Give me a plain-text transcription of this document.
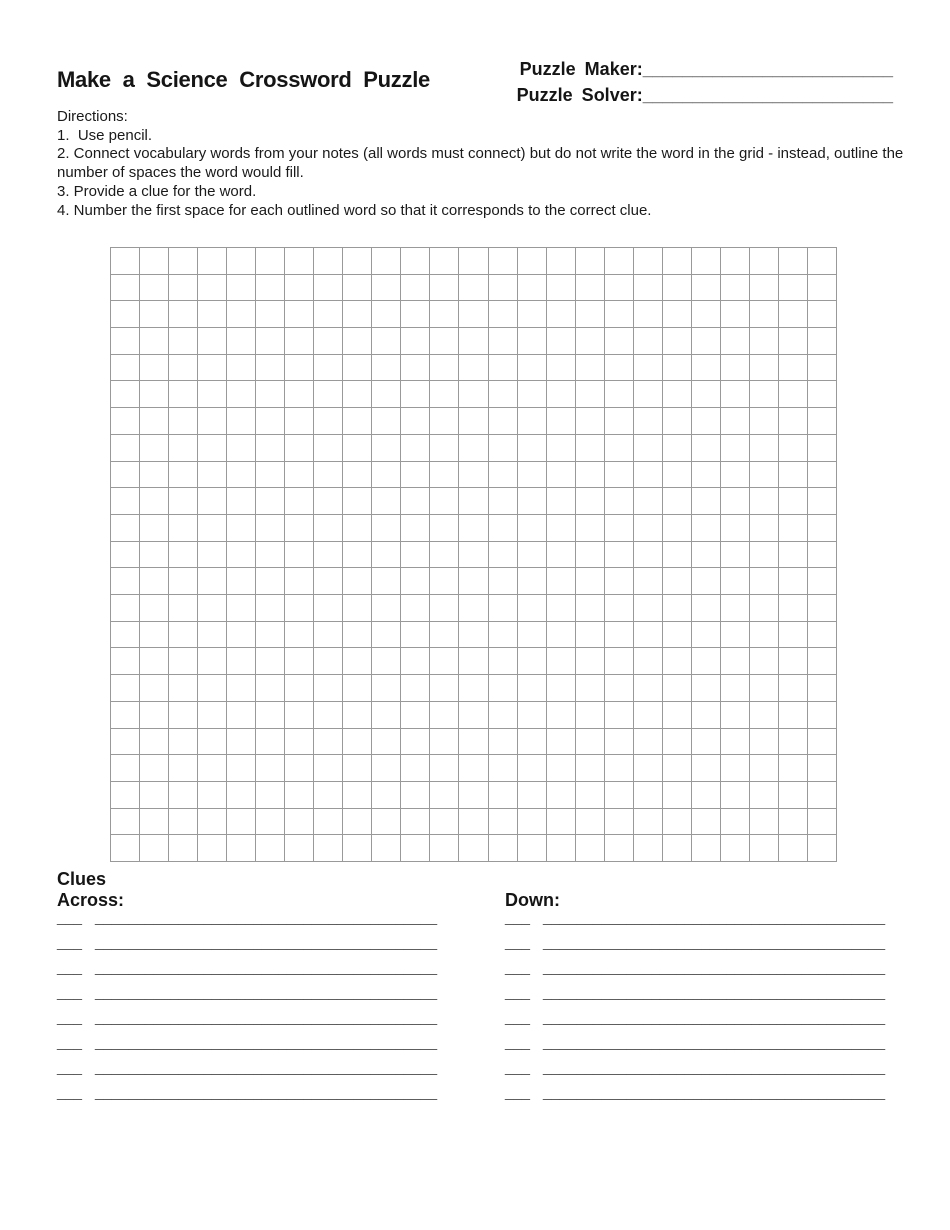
Make a Science Crossword Puzzle	Puzzle Maker:_________________________
Puzzle Solver:_________________________
Directions:
1.  Use pencil.
2. Connect vocabulary words from your notes (all words must connect) but do not write the word in the grid - instead, outline the number of spaces the word would fill.
3. Provide a clue for the word.
4. Number the first space for each outlined word so that it corresponds to the correct clue.
Clues
Across:	Down:
___ _________________________________________
___ _________________________________________
___ _________________________________________
___ _________________________________________
___ _________________________________________
___ _________________________________________
___ _________________________________________
___ _________________________________________
___ _________________________________________
___ _________________________________________
___ _________________________________________
___ _________________________________________
___ _________________________________________
___ _________________________________________
___ _________________________________________
___ _________________________________________
